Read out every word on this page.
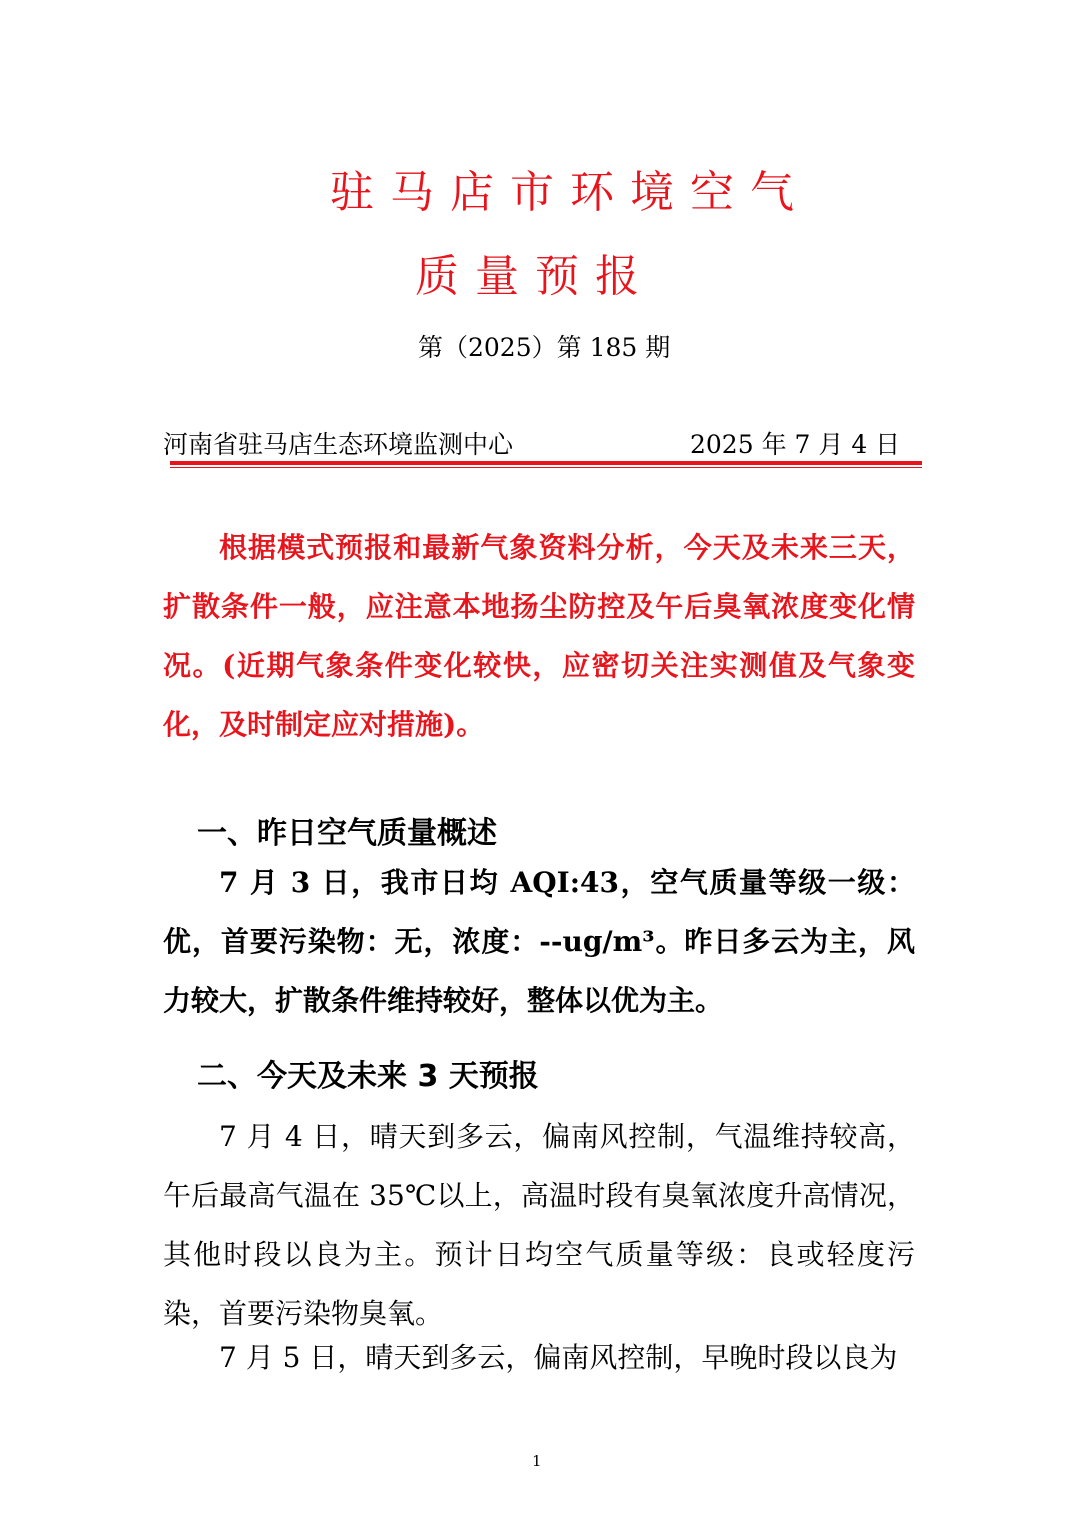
驻马店市环境空气
质量预报
第（2025）第 185 期
河南省驻马店生态环境监测中心	2025 年 7 月 4 日

根据模式预报和最新气象资料分析，今天及未来三天，扩散条件一般，应注意本地扬尘防控及午后臭氧浓度变化情况。(近期气象条件变化较快，应密切关注实测值及气象变化，及时制定应对措施)。

一、昨日空气质量概述

7 月 3 日，我市日均 AQI:43，空气质量等级一级：优，首要污染物：无，浓度：--ug/m³。昨日多云为主，风力较大，扩散条件维持较好，整体以优为主。

二、今天及未来 3 天预报

7 月 4 日，晴天到多云，偏南风控制，气温维持较高，午后最高气温在 35℃以上，高温时段有臭氧浓度升高情况，其他时段以良为主。预计日均空气质量等级：良或轻度污染，首要污染物臭氧。

7 月 5 日，晴天到多云，偏南风控制，早晚时段以良为

1
